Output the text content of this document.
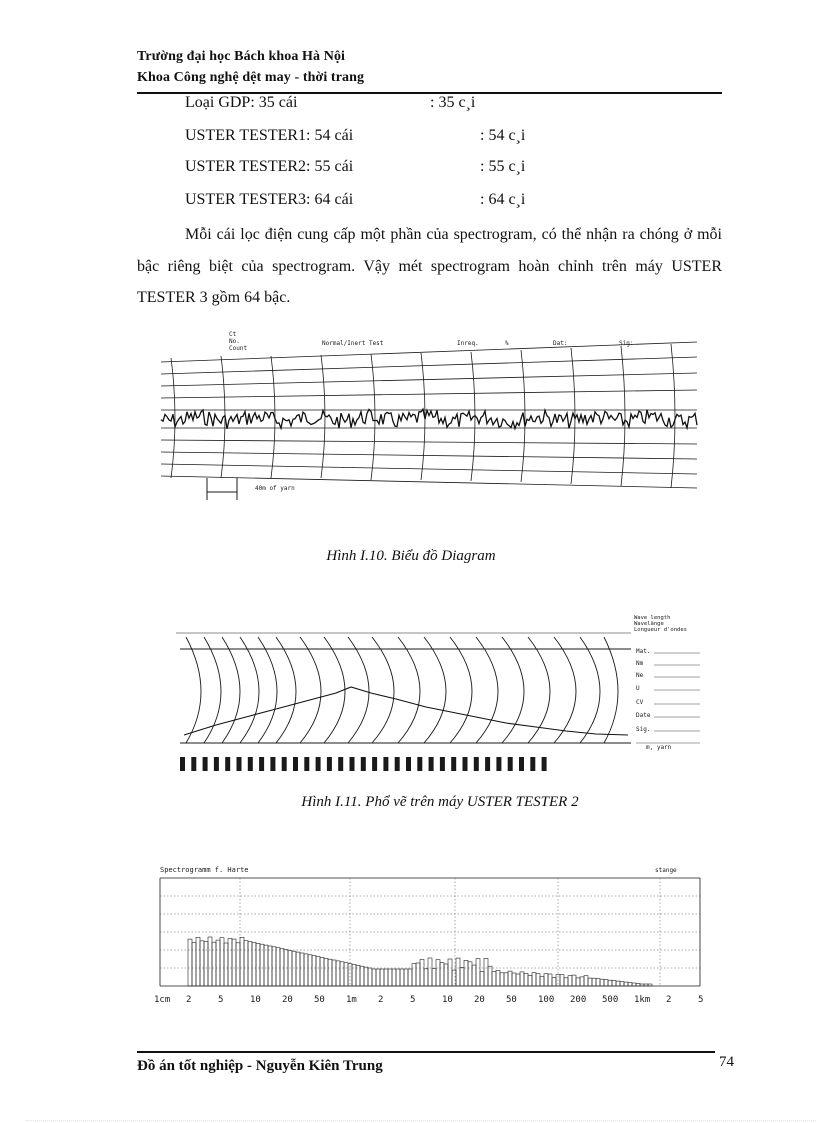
Trường đại học Bách khoa Hà Nội
Khoa Công nghệ dệt may - thời trang
Loại GDP: 35 cái	: 35 c¸i
USTER TESTER1: 54 cái	: 54 c¸i
USTER TESTER2: 55 cái	: 55 c¸i
USTER TESTER3: 64 cái	: 64 c¸i
Mỗi cái lọc điện cung cấp một phần của spectrogram, có thể nhận ra chóng ở mỗi bậc riêng biệt của spectrogram. Vậy mét spectrogram hoàn chỉnh trên máy USTER TESTER 3 gồm 64 bậc.
Ct
No.
Count
Normal/Inert Test	Inreq.	%	Dat:	Sig:
40m of yarn
Hình I.10. Biểu đồ Diagram
Wave length
Wavelänge
Longueur d'ondes
Mat.
Nm
Ne
U
CV
Date
Sig.
m, yarn
Hình I.11. Phổ vẽ trên máy USTER TESTER 2
Spectrogramm f. Harte	stange
1cm 2	5	10 20 50 1m 2	5	10 20 50 100 200 500 1km 2	5
Đồ án tốt nghiệp - Nguyễn Kiên Trung	74
